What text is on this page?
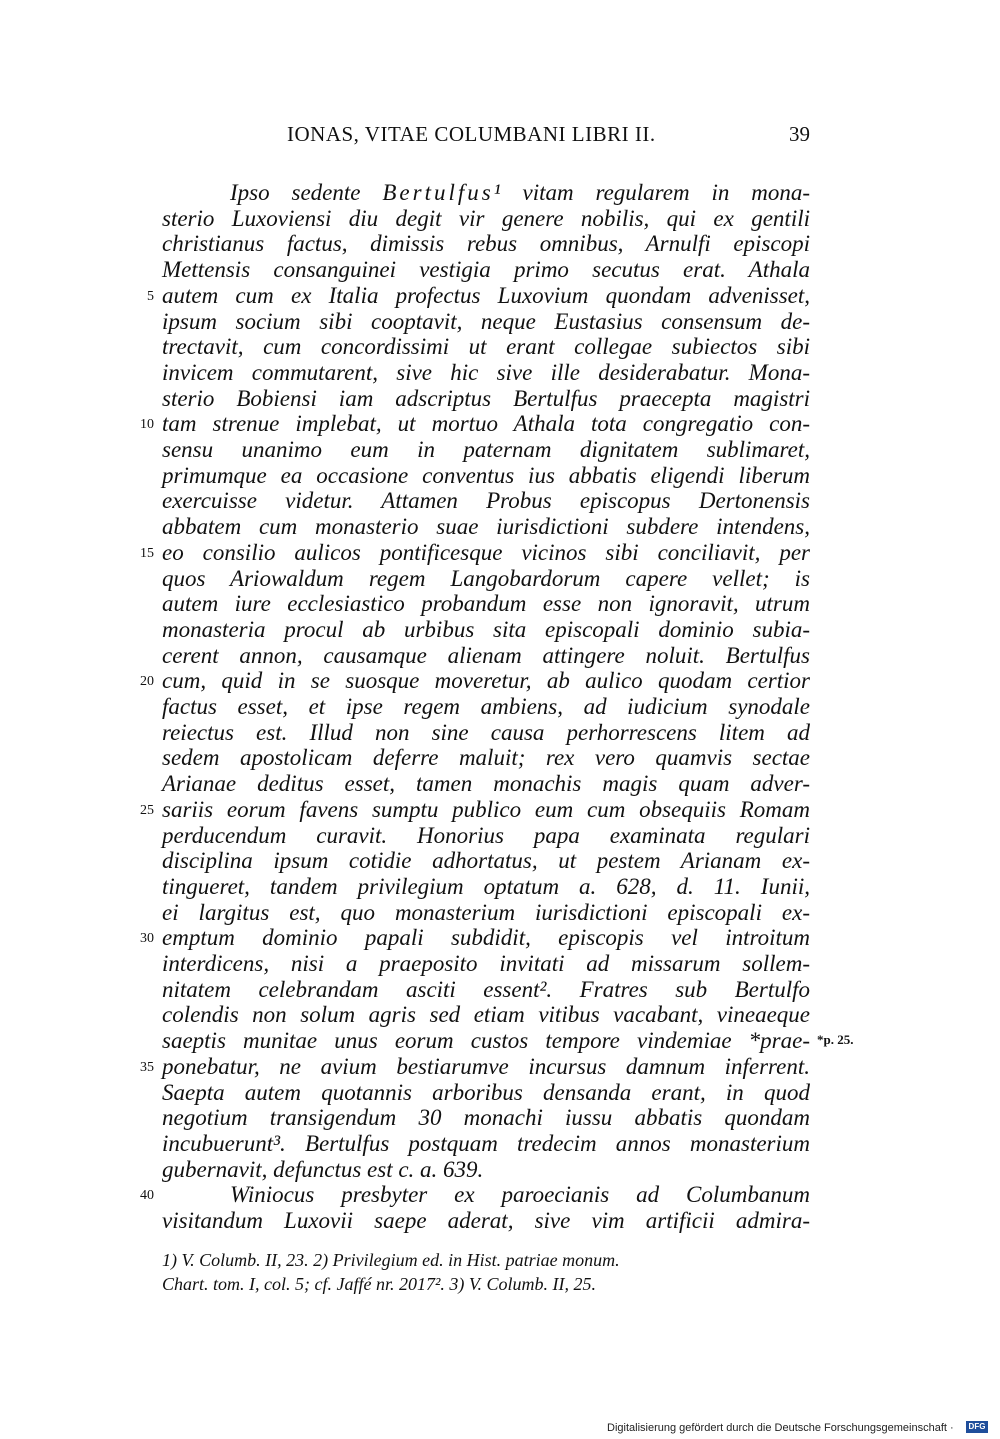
IONAS, VITAE COLUMBANI LIBRI II.	39
Ipso sedente Bertulfus¹ vitam regularem in mona-
sterio Luxoviensi diu degit vir genere nobilis, qui ex gentili
christianus factus, dimissis rebus omnibus, Arnulfi episcopi
Mettensis consanguinei vestigia primo secutus erat. Athala
autem cum ex Italia profectus Luxovium quondam advenisset,
5
ipsum socium sibi cooptavit, neque Eustasius consensum de-
trectavit, cum concordissimi ut erant collegae subiectos sibi
invicem commutarent, sive hic sive ille desiderabatur. Mona-
sterio Bobiensi iam adscriptus Bertulfus praecepta magistri
tam strenue implebat, ut mortuo Athala tota congregatio con-
10
sensu unanimo eum in paternam dignitatem sublimaret,
primumque ea occasione conventus ius abbatis eligendi liberum
exercuisse videtur. Attamen Probus episcopus Dertonensis
abbatem cum monasterio suae iurisdictioni subdere intendens,
eo consilio aulicos pontificesque vicinos sibi conciliavit, per
15
quos Ariowaldum regem Langobardorum capere vellet; is
autem iure ecclesiastico probandum esse non ignoravit, utrum
monasteria procul ab urbibus sita episcopali dominio subia-
cerent annon, causamque alienam attingere noluit. Bertulfus
cum, quid in se suosque moveretur, ab aulico quodam certior
20
factus esset, et ipse regem ambiens, ad iudicium synodale
reiectus est. Illud non sine causa perhorrescens litem ad
sedem apostolicam deferre maluit; rex vero quamvis sectae
Arianae deditus esset, tamen monachis magis quam adver-
sariis eorum favens sumptu publico eum cum obsequiis Romam
25
perducendum curavit. Honorius papa examinata regulari
disciplina ipsum cotidie adhortatus, ut pestem Arianam ex-
tingueret, tandem privilegium optatum a. 628, d. 11. Iunii,
ei largitus est, quo monasterium iurisdictioni episcopali ex-
emptum dominio papali subdidit, episcopis vel introitum
30
interdicens, nisi a praeposito invitati ad missarum sollem-
nitatem celebrandam asciti essent². Fratres sub Bertulfo
colendis non solum agris sed etiam vitibus vacabant, vineaeque
saeptis munitae unus eorum custos tempore vindemiae *prae- *p. 25.
ponebatur, ne avium bestiarumve incursus damnum inferrent.
35
Saepta autem quotannis arboribus densanda erant, in quod
negotium transigendum 30 monachi iussu abbatis quondam
incubuerunt³. Bertulfus postquam tredecim annos monasterium
gubernavit, defunctus est c. a. 639.
Winiocus presbyter ex paroecianis ad Columbanum
40
visitandum Luxovii saepe aderat, sive vim artificii admira-
1) V. Columb. II, 23. 2) Privilegium ed. in Hist. patriae monum.
Chart. tom. I, col. 5; cf. Jaffé nr. 2017². 3) V. Columb. II, 25.
Digitalisierung gefördert durch die Deutsche Forschungsgemeinschaft ·	DFG
